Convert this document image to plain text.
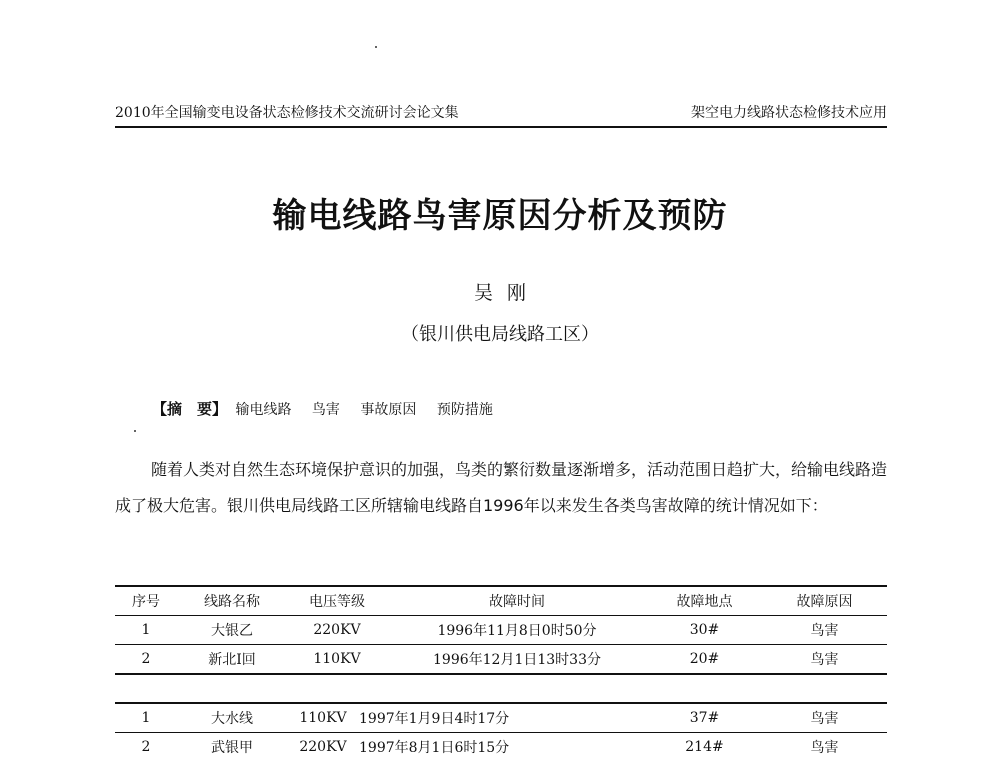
2010年全国输变电设备状态检修技术交流研讨会论文集	架空电力线路状态检修技术应用
输电线路鸟害原因分析及预防
吴刚
（银川供电局线路工区）
【摘　要】 输电线路 鸟害 事故原因 预防措施
随着人类对自然生态环境保护意识的加强，鸟类的繁衍数量逐渐增多，活动范围日趋扩大，给输电线路造成了极大危害。银川供电局线路工区所辖输电线路自1996年以来发生各类鸟害故障的统计情况如下：
序号	线路名称	电压等级	故障时间	故障地点	故障原因
1	大银乙	220KV	1996年11月8日0时50分	30#	鸟害
2	新北I回	110KV	1996年12月1日13时33分	20#	鸟害
1	大水线	110KV	1997年1月9日4时17分	37#	鸟害
2	武银甲	220KV	1997年8月1日6时15分	214#	鸟害
